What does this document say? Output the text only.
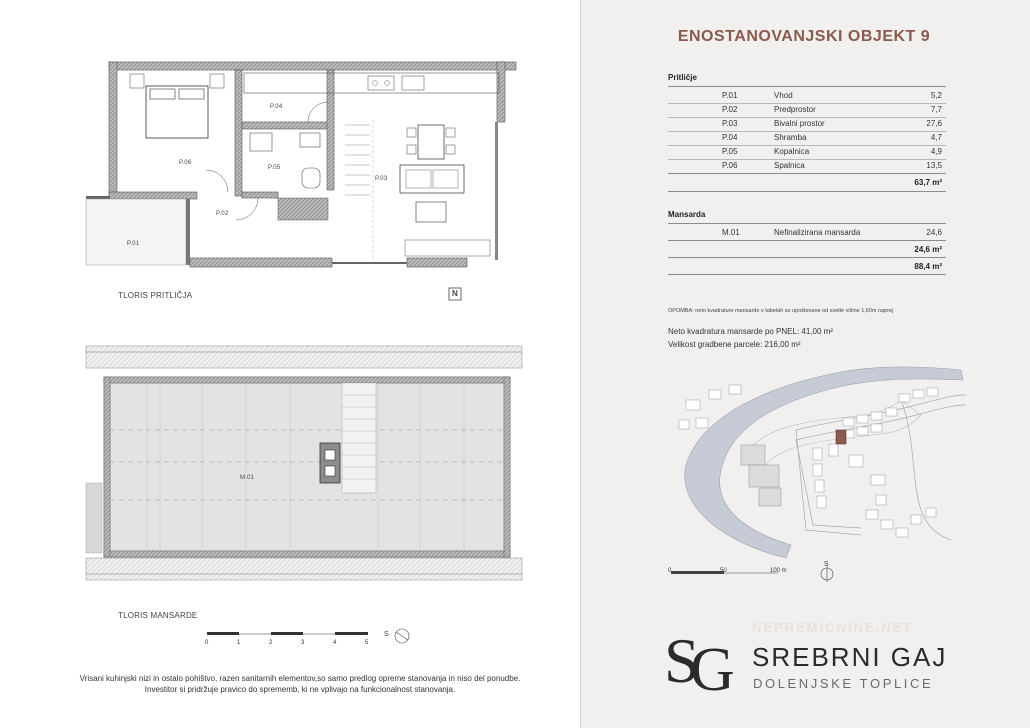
P.01
P.02
P.03
P.04
P.05
P.06
M.01
N
TLORIS PRITLIČJA
TLORIS MANSARDE
0	1	2	3	4	5
S
Vrisani kuhinjski nizi in ostalo pohištvo, razen sanitarnih elementov,so samo predlog opreme stanovanja in niso del ponudbe.
Investitor si pridržuje pravico do sprememb, ki ne vplivajo na funkcionalnost stanovanja.
ENOSTANOVANJSKI OBJEKT 9
Pritličje
P.01	Vhod	5,2
P.02	Predprostor	7,7
P.03	Bivalni prostor	27,6
P.04	Shramba	4,7
P.05	Kopalnica	4,9
P.06	Spalnica	13,5
63,7 m²
Mansarda
M.01	Nefinalizirana mansarda	24,6
24,6 m²
88,4 m²
OPOMBA: neto kvadrature mansarde v tabelah so upoštevane od svetle višine 1,60m naprej
Neto kvadratura mansarde po PNEL: 41,00 m²
Velikost gradbene parcele: 216,00 m²
0	50	100 m
S
S
G
NEPREMICNINE.NET
SREBRNI GAJ
DOLENJSKE TOPLICE
